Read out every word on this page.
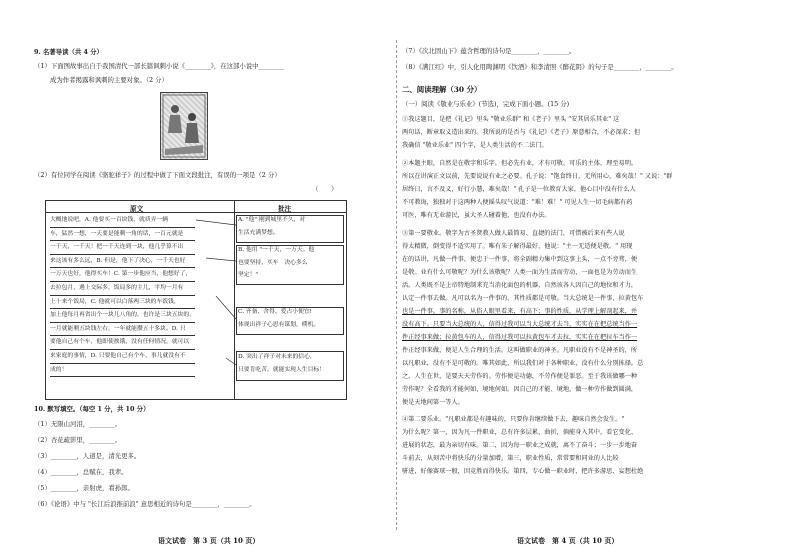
9. 名著导读（共 4 分）
（1）下面图故事出自于我国清代一部长篇讽刺小说《________》，在这部小说中________
成为作者揭露和讽刺的主要对象。（2 分）
（2）有位同学在阅读《骆驼祥子》的过程中做了下面文段批注，有误的一项是（2 分）
（　　）
原文	批注
大概地说吧，A. 他要买一百块钱，就质弄一辆
车，猛然一想，一天要是能剩一角的话，一百元就是
一千天，一千天！把一千天连到一块，他几乎算不出
来这该有多么远，B. 但是，他下了决心，一千天也好
一万天也好，他得买车！C. 第一步他应当，他想好了，
去拉包月，遇上交际多，饭局多的主儿，平均一月有
上十来个饭局，C. 他就可以白落两三块的车饭钱，
加上他每月再省出个一块儿八角的，也许是三块五块的，
一月就能剩五块钱左右，一年就能攒五十多块。D. 只
要他自己有个车，他即使挨饿，没有任何情况，就可以
来家庭的事情，D. 只要他自己有个车，事儿就没有不
成的！
A. "他" 刚到城里不久，对
生活充满梦想。
B. 他用 "一千天，一万天。他
也要坚持，买车　决心多么
坚定！"
C. 齐备、舍得、爱占小便宜!
体现出祥子心思有谋划，樸机。
D. 突出了祥子对未来的信心，
只要肯吃苦，就能实现人生目标！
10. 默写填空。（每空 1 分，共 10 分）
（1）无限山河泪，________。
（2）杏花疏影里，________。
（3）________，人道是，清光更多。
（4）________，总赋在，我辈。
（5）________，亲射虎，看孙郎。
（6）《论语》中与 "长江后浪推前浪" 意思相近的诗句是________，________。
语文试卷　第 3 页（共 10 页）
（7）《次北固山下》蕴含哲理的诗句是________，________。
（8）《满江红》中，引人化用陶渊明《饮酒》和李清照《醉花阴》的句子是________，________。
二、阅读理解（30 分）
（一）阅读《敬业与乐业》(节选)，完成下面小题。(15 分)
①我这题目，是把《礼记》里头 "敬业乐群" 和《老子》里头 "安其居乐其业" 这
两句话，断章取义造出来的。我所说的是否与《礼记》《老子》原意相合，不必深求；但
我确信 "敬业乐业" 四个字，是人类生活的不二法门。
②本题主眼，自然是在敬字和乐字。但必先有业，才有可敬、可乐的主体，理至易明。
所以在讲演正文以前，先要说说有业之必要。孔子说："饱食终日，无所用心，难矣哉！" 又说："群
居终日，言不及义，好行小慧，难矣哉！" 孔子是一位教育大家，他心目中没有什么人
不可教诲，独独对于这两种人便摇头叹气说道："难！难！" 可见人生一切毛病都有药
可医，唯有无业游民，虽大圣人碰着他，也没有办法。
③第一要敬业。敬字为古圣贤教人做人最简易、直捷的法门，可惜被后来有些人说
得太精微，倒变得不适实用了。唯有朱子解得最好，他说："主一无适便是敬。" 用现
在的话讲，凡做一件事，便忠于一件事，将全副精力集中到这事上头，一点不旁骛，便
是敬。业有什么可敬呢？为什么该敬呢？人类一面为生活而劳动，一面也是为劳动而生
活。人类既不是上帝特地制来充当消化面包的机器，自然该各人因自己的地位和才力，
认定一件事去做。凡可以名为一件事的，其性质都是可敬。当大总统是一件事，拉黄包车
也是一件事。事的名称，从俗人眼里看来，有高下；事的性质，从学理上解剖起来，并
没有高下。只要当大总统的人，信得过我可以当大总统才去当，实实在在把总统当作一
件正经事来做；拉黄包车的人，信得过我可以拉黄包车才去拉，实实在在把拉车当作一
件正经事来做，便是人生合理的生活。这叫做职业的神圣。凡职业没有不是神圣的，所
以凡职业，没有不是可敬的。唯其如此，所以我们对于各种职业，没有什么分别拣择。总
之，人生在世，是要天天劳作的。劳作便是功德，不劳作便是罪恶。至于我该做哪一种
劳作呢？全看我的才能何如，境地何如。因自己的才能、境地，做一种劳作做到圆满，
便是天地间第一等人。
④第二要乐业。"凡职业都是有趣味的，只要你肯继续做下去，趣味自然会发生。"
为什么呢？第一，因为凡一件职业，总有许多层累、曲折，倘能身入其中，看它变化、
进展的状态，最为亲切有味。第二，因为每一职业之成就，离不了奋斗；一步一步地奋
斗前去，从刻苦中将快乐的分量加增。第三，职业性质，常常要和同业的人比较
骈进，好像赛球一般，因竞胜而得快乐。第四，专心做一职业时，把许多游思、妄想杜绝
语文试卷　第 4 页（共 10 页）
